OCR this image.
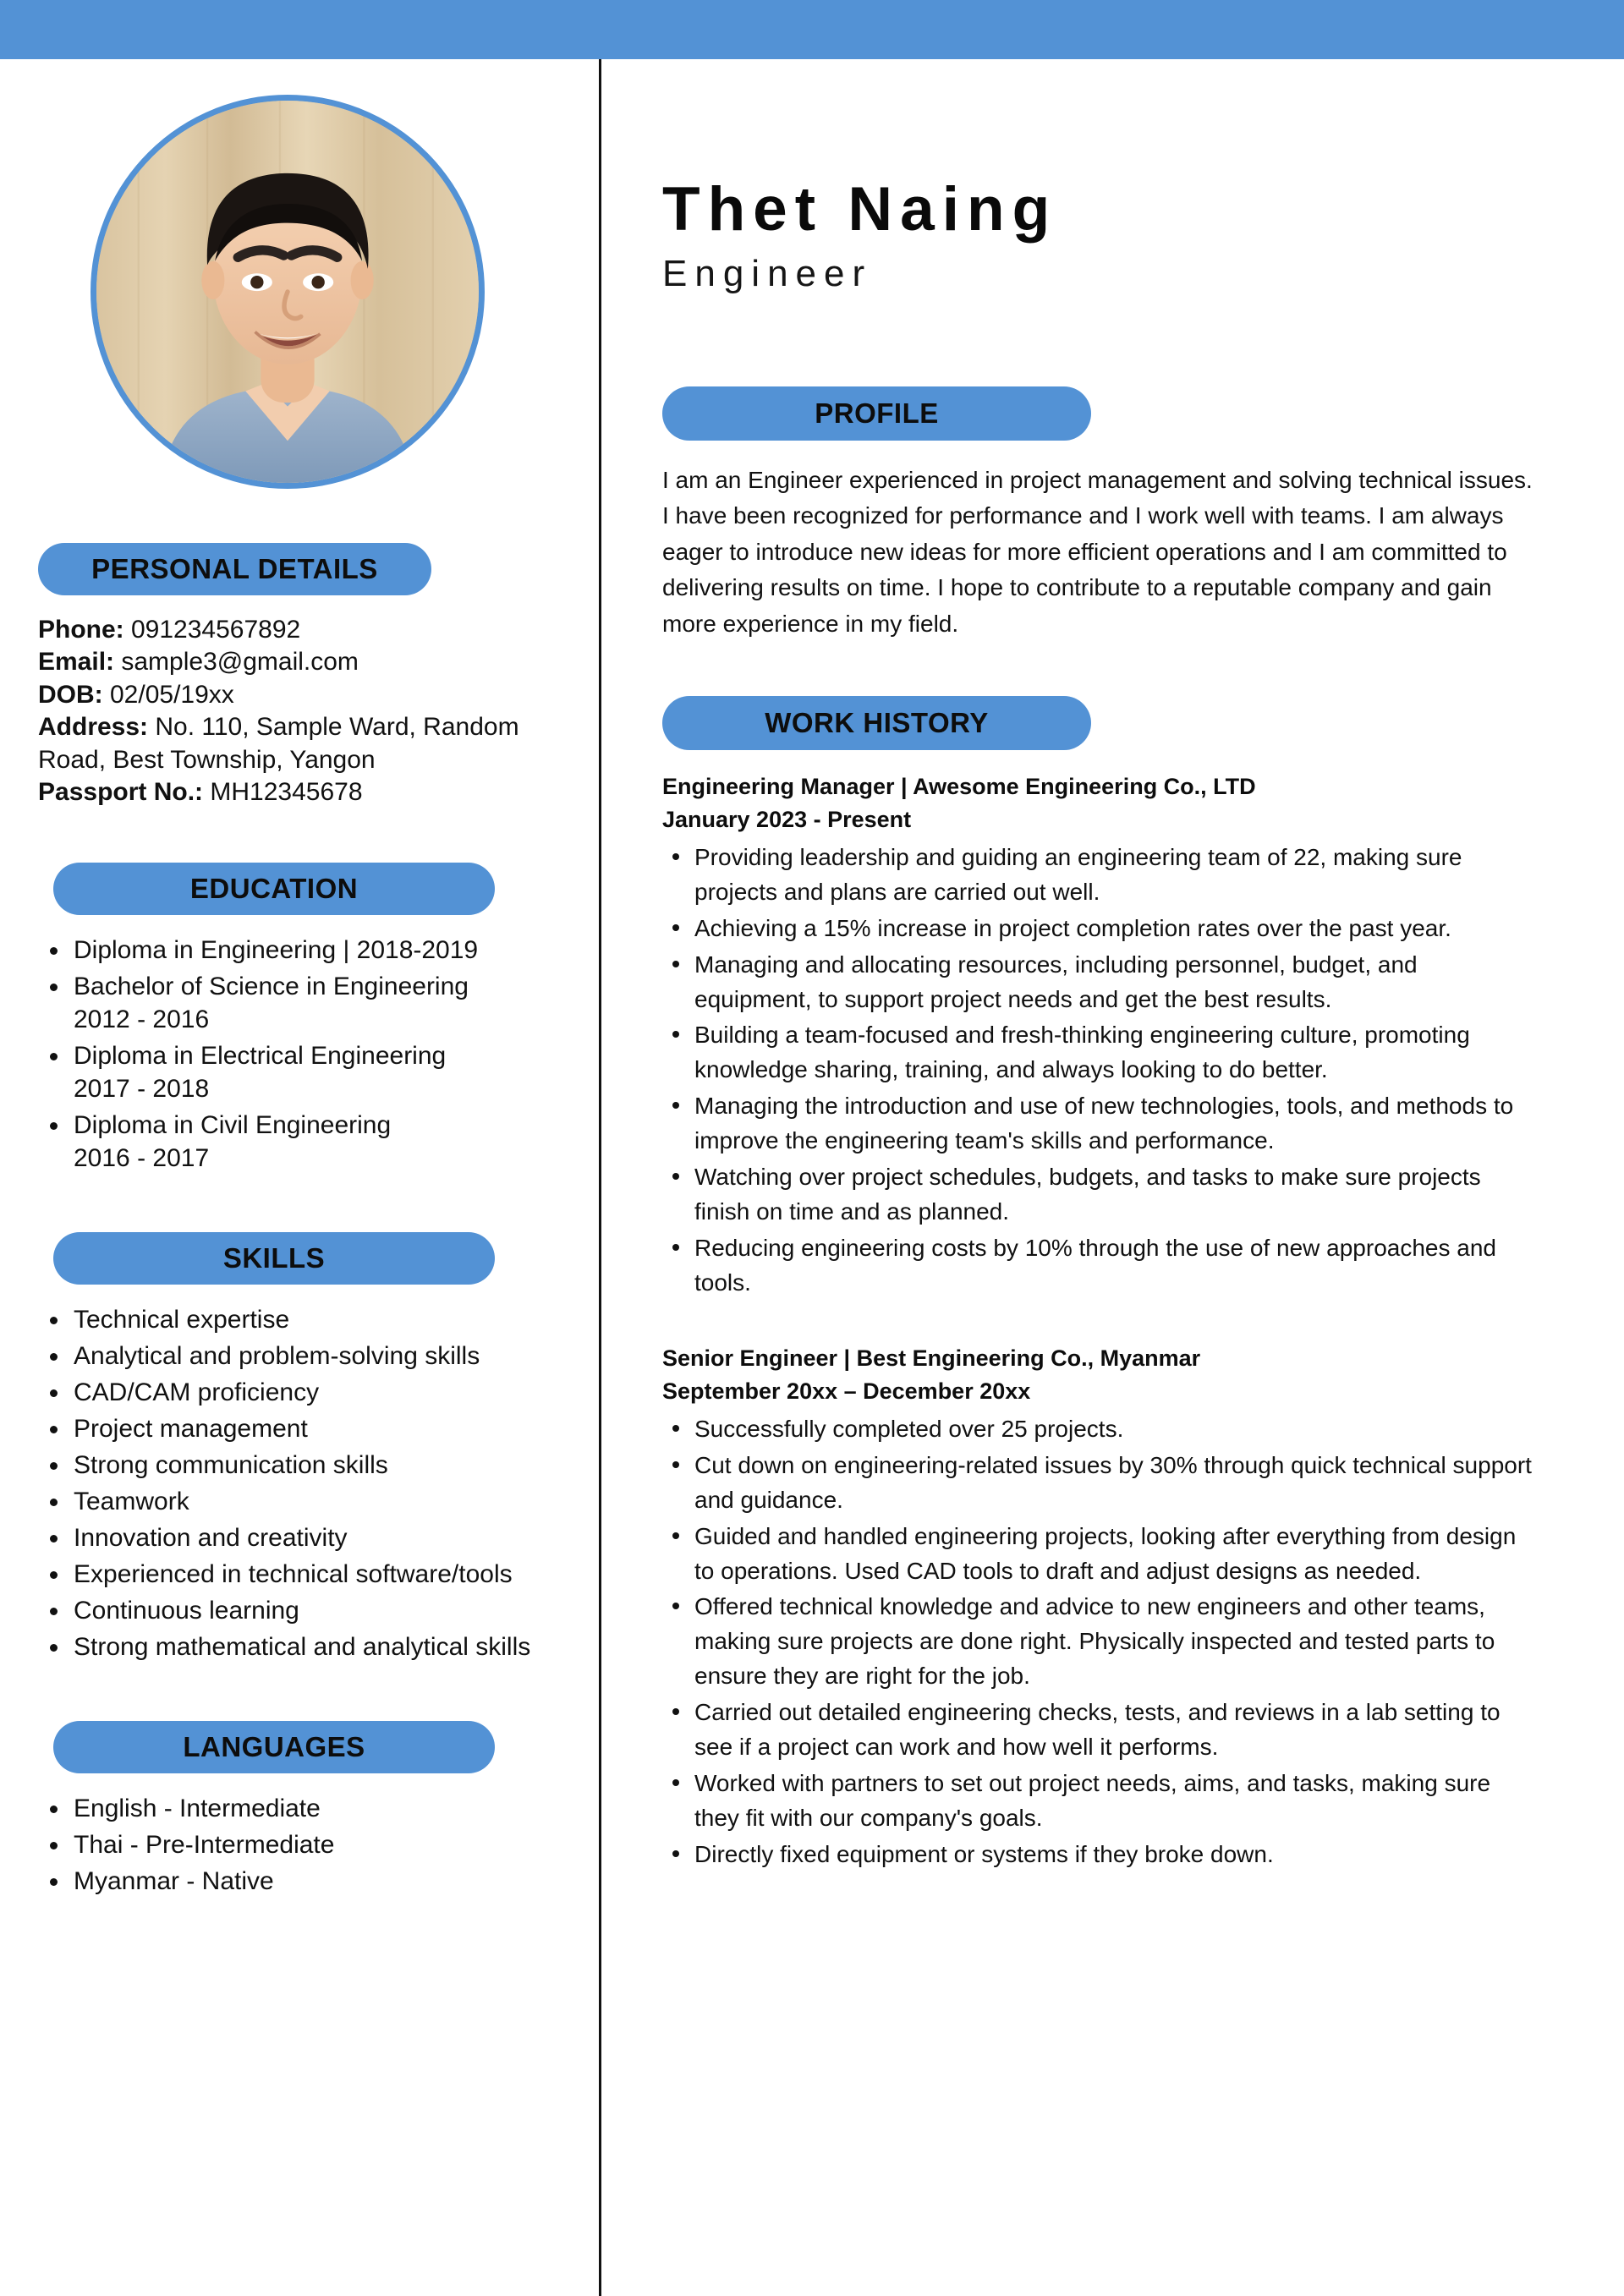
PERSONAL DETAILS
Phone: 091234567892
Email: sample3@gmail.com
DOB: 02/05/19xx
Address: No. 110, Sample Ward, Random Road, Best Township, Yangon
Passport No.: MH12345678
EDUCATION
Diploma in Engineering | 2018-2019
Bachelor of Science in Engineering
2012 - 2016
Diploma in Electrical Engineering
2017 - 2018
Diploma in Civil Engineering
2016 - 2017
SKILLS
Technical expertise
Analytical and problem-solving skills
CAD/CAM proficiency
Project management
Strong communication skills
Teamwork
Innovation and creativity
Experienced in technical software/tools
Continuous learning
Strong mathematical and analytical skills
LANGUAGES
English - Intermediate
Thai - Pre-Intermediate
Myanmar - Native
Thet Naing
Engineer
PROFILE
I am an Engineer experienced in project management and solving technical issues. I have been recognized for performance and I work well with teams. I am always eager to introduce new ideas for more efficient operations and I am committed to delivering results on time. I hope to contribute to a reputable company and gain more experience in my field.
WORK HISTORY
Engineering Manager | Awesome Engineering Co., LTD
January 2023 - Present
Providing leadership and guiding an engineering team of 22, making sure projects and plans are carried out well.
Achieving a 15% increase in project completion rates over the past year.
Managing and allocating resources, including personnel, budget, and equipment, to support project needs and get the best results.
Building a team-focused and fresh-thinking engineering culture, promoting knowledge sharing, training, and always looking to do better.
Managing the introduction and use of new technologies, tools, and methods to improve the engineering team's skills and performance.
Watching over project schedules, budgets, and tasks to make sure projects finish on time and as planned.
Reducing engineering costs by 10% through the use of new approaches and tools.
Senior Engineer | Best Engineering Co., Myanmar
September 20xx – December 20xx
Successfully completed over 25 projects.
Cut down on engineering-related issues by 30% through quick technical support and guidance.
Guided and handled engineering projects, looking after everything from design to operations. Used CAD tools to draft and adjust designs as needed.
Offered technical knowledge and advice to new engineers and other teams, making sure projects are done right. Physically inspected and tested parts to ensure they are right for the job.
Carried out detailed engineering checks, tests, and reviews in a lab setting to see if a project can work and how well it performs.
Worked with partners to set out project needs, aims, and tasks, making sure they fit with our company's goals.
Directly fixed equipment or systems if they broke down.
